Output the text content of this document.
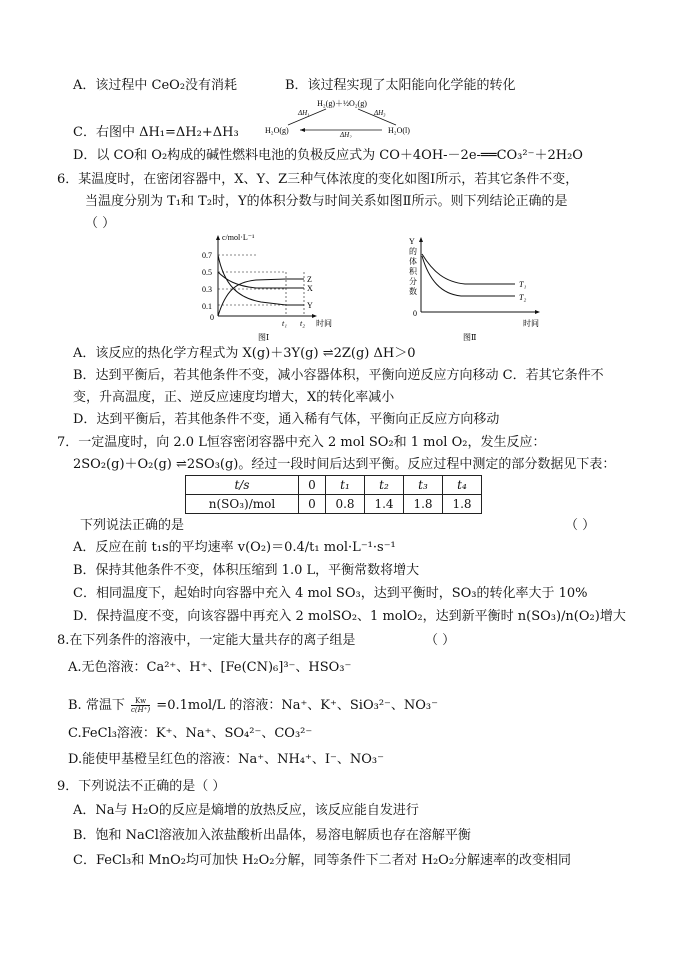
A．该过程中 CeO₂没有消耗	B．该过程实现了太阳能向化学能的转化
H₂(g)＋½O₂(g)
ΔH₁	ΔH₃
H₂O(g)	H₂O(l)
ΔH₂
C．右图中 ΔH₁=ΔH₂+ΔH₃
D．以 CO和 O₂构成的碱性燃料电池的负极反应式为 CO＋4OH-－2e-══CO₃²⁻＋2H₂O
6．某温度时，在密闭容器中，X、Y、Z三种气体浓度的变化如图Ⅰ所示，若其它条件不变，
当温度分别为 T₁和 T₂时，Y的体积分数与时间关系如图Ⅱ所示。则下列结论正确的是
（ ）
c/mol·L⁻¹
0.7
0.5
0.3
0.1
0
Z
X
Y
t₁ t₂ 时间
图Ⅰ
Y
的
体
积
分
数
0
T₁
T₂
时间
图Ⅱ
A．该反应的热化学方程式为 X(g)＋3Y(g) ⇌2Z(g) ΔH＞0
B．达到平衡后，若其他条件不变，减小容器体积，平衡向逆反应方向移动 C．若其它条件不
变，升高温度，正、逆反应速度均增大，X的转化率减小
D．达到平衡后，若其他条件不变，通入稀有气体，平衡向正反应方向移动
7．一定温度时，向 2.0 L恒容密闭容器中充入 2 mol SO₂和 1 mol O₂，发生反应：
2SO₂(g)＋O₂(g) ⇌2SO₃(g)。经过一段时间后达到平衡。反应过程中测定的部分数据见下表：
t/s	0	t₁	t₂	t₃	t₄
n(SO₃)/mol	0	0.8	1.4	1.8	1.8
下列说法正确的是	（ ）
A．反应在前 t₁s的平均速率 v(O₂)＝0.4/t₁ mol·L⁻¹·s⁻¹
B．保持其他条件不变，体积压缩到 1.0 L，平衡常数将增大
C．相同温度下，起始时向容器中充入 4 mol SO₃，达到平衡时，SO₃的转化率大于 10%
D．保持温度不变，向该容器中再充入 2 molSO₂、1 molO₂，达到新平衡时 n(SO₃)/n(O₂)增大
8.在下列条件的溶液中，一定能大量共存的离子组是	（ ）
A.无色溶液：Ca²⁺、H⁺、[Fe(CN)₆]³⁻、HSO₃⁻
B. 常温下 $\frac{Kw}{c(H^+)} =0.1mol/L$ 的溶液：Na⁺、K⁺、SiO₃²⁻、NO₃⁻
C.FeCl₃溶液：K⁺、Na⁺、SO₄²⁻、CO₃²⁻
D.能使甲基橙呈红色的溶液：Na⁺、NH₄⁺、I⁻、NO₃⁻
9．下列说法不正确的是（ ）
A．Na与 H₂O的反应是熵增的放热反应，该反应能自发进行
B．饱和 NaCl溶液加入浓盐酸析出晶体，易溶电解质也存在溶解平衡
C．FeCl₃和 MnO₂均可加快 H₂O₂分解，同等条件下二者对 H₂O₂分解速率的改变相同
